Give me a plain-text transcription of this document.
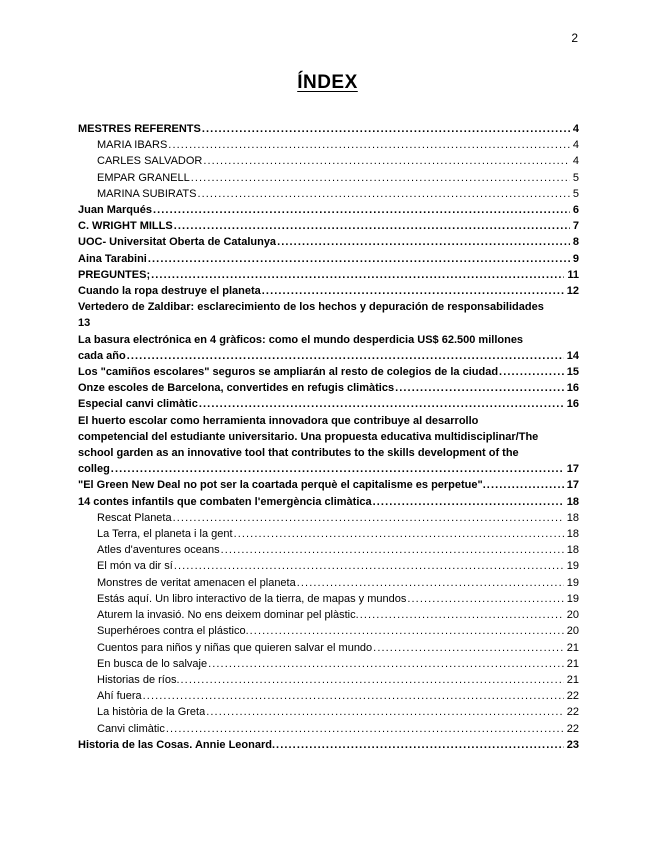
2
ÍNDEX
MESTRES REFERENTS .....	4
MARIA IBARS .....	4
CARLES SALVADOR .....	4
EMPAR GRANELL .....	5
MARINA SUBIRATS .....	5
Juan Marqués .....	6
C. WRIGHT MILLS .....	7
UOC- Universitat Oberta de Catalunya .....	8
Aina Tarabini .....	9
PREGUNTES; .....	11
Cuando la ropa destruye el planeta .....	12
Vertedero de Zaldibar: esclarecimiento de los hechos y depuración de responsabilidades
13
La basura electrónica en 4 gràficos: como el mundo desperdicia US$ 62.500 millones
cada año .....	14
Los "camiños escolares" seguros se ampliarán al resto de colegios de la ciudad .....	15
Onze escoles de Barcelona, convertides en refugis climàtics .....	16
Especial canvi climàtic .....	16
El huerto escolar como herramienta innovadora que contribuye al desarrollo
competencial del estudiante universitario. Una propuesta educativa multidisciplinar/The
school garden as an innovative tool that contributes to the skills development of the
colleg .....	17
"El Green New Deal no pot ser la coartada perquè el capitalisme es perpetue". .....	17
14 contes infantils que combaten l'emergència climàtica .....	18
Rescat Planeta .....	18
La Terra, el planeta i la gent .....	18
Atles d'aventures oceans .....	18
El món va dir sí .....	19
Monstres de veritat amenacen el planeta .....	19
Estás aquí. Un libro interactivo de la tierra, de mapas y mundos .....	19
Aturem la invasió. No ens deixem dominar pel plàstic. .....	20
Superhéroes contra el plástico. .....	20
Cuentos para niños y niñas que quieren salvar el mundo .....	21
En busca de lo salvaje .....	21
Historias de ríos. .....	21
Ahí fuera .....	22
La història de la Greta .....	22
Canvi climàtic .....	22
Historia de las Cosas. Annie Leonard. .....	23
